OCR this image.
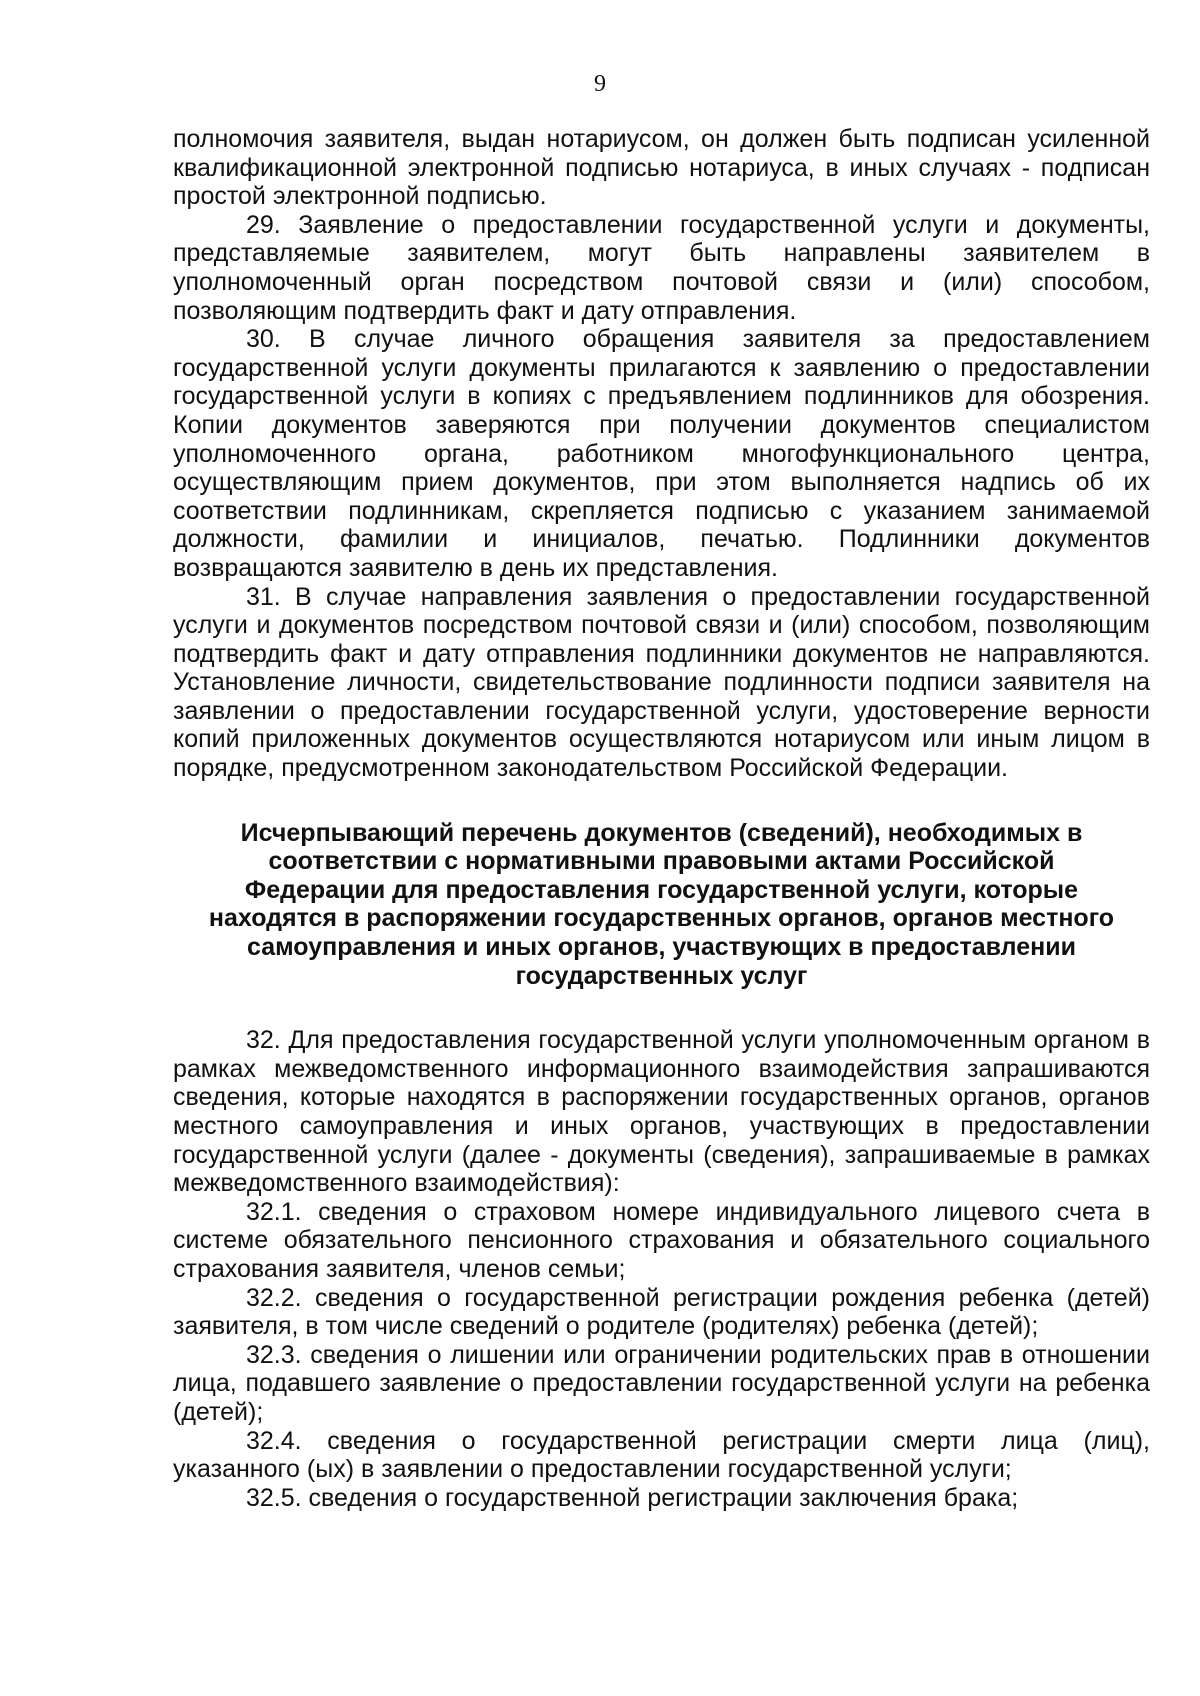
9

полномочия заявителя, выдан нотариусом, он должен быть подписан усиленной квалификационной электронной подписью нотариуса, в иных случаях - подписан простой электронной подписью.

29. Заявление о предоставлении государственной услуги и документы, представляемые заявителем, могут быть направлены заявителем в уполномоченный орган посредством почтовой связи и (или) способом, позволяющим подтвердить факт и дату отправления.

30. В случае личного обращения заявителя за предоставлением государственной услуги документы прилагаются к заявлению о предоставлении государственной услуги в копиях с предъявлением подлинников для обозрения. Копии документов заверяются при получении документов специалистом уполномоченного органа, работником многофункционального центра, осуществляющим прием документов, при этом выполняется надпись об их соответствии подлинникам, скрепляется подписью с указанием занимаемой должности, фамилии и инициалов, печатью. Подлинники документов возвращаются заявителю в день их представления.

31. В случае направления заявления о предоставлении государственной услуги и документов посредством почтовой связи и (или) способом, позволяющим подтвердить факт и дату отправления подлинники документов не направляются. Установление личности, свидетельствование подлинности подписи заявителя на заявлении о предоставлении государственной услуги, удостоверение верности копий приложенных документов осуществляются нотариусом или иным лицом в порядке, предусмотренном законодательством Российской Федерации.

Исчерпывающий перечень документов (сведений), необходимых в соответствии с нормативными правовыми актами Российской Федерации для предоставления государственной услуги, которые находятся в распоряжении государственных органов, органов местного самоуправления и иных органов, участвующих в предоставлении государственных услуг

32. Для предоставления государственной услуги уполномоченным органом в рамках межведомственного информационного взаимодействия запрашиваются сведения, которые находятся в распоряжении государственных органов, органов местного самоуправления и иных органов, участвующих в предоставлении государственной услуги (далее - документы (сведения), запрашиваемые в рамках межведомственного взаимодействия):

32.1. сведения о страховом номере индивидуального лицевого счета в системе обязательного пенсионного страхования и обязательного социального страхования заявителя, членов семьи;

32.2. сведения о государственной регистрации рождения ребенка (детей) заявителя, в том числе сведений о родителе (родителях) ребенка (детей);

32.3. сведения о лишении или ограничении родительских прав в отношении лица, подавшего заявление о предоставлении государственной услуги на ребенка (детей);

32.4. сведения о государственной регистрации смерти лица (лиц), указанного (ых) в заявлении о предоставлении государственной услуги;

32.5. сведения о государственной регистрации заключения брака;
